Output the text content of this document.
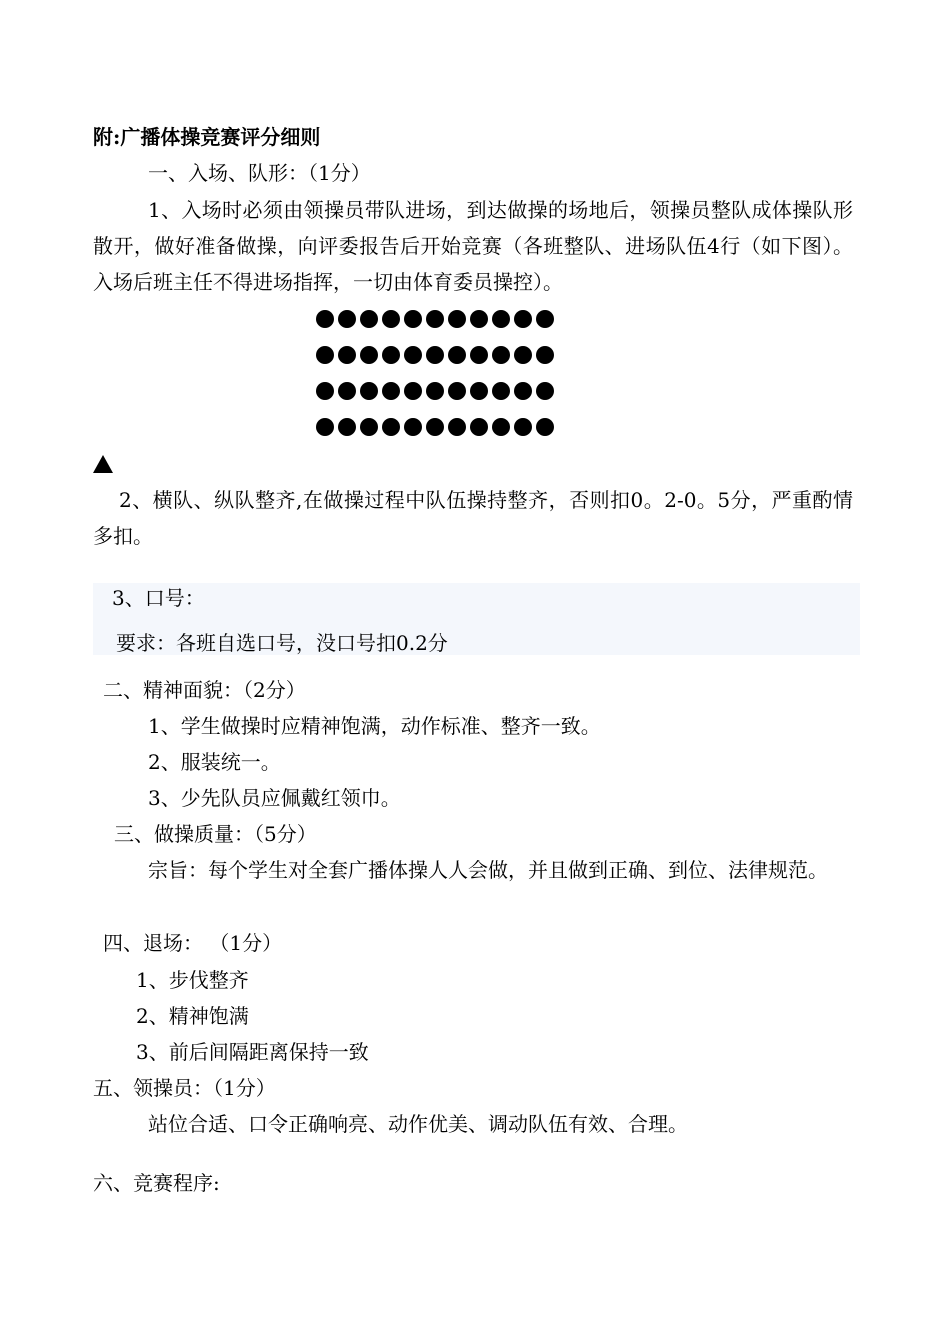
附:广播体操竞赛评分细则
一、入场、队形：（1分）
1、入场时必须由领操员带队进场，到达做操的场地后，领操员整队成体操队形散开，做好准备做操，向评委报告后开始竞赛（各班整队、进场队伍4行（如下图）。入场后班主任不得进场指挥，一切由体育委员操控）。
2、横队、纵队整齐,在做操过程中队伍操持整齐，否则扣0。2-0。5分，严重酌情多扣。
3、口号：
要求：各班自选口号，没口号扣0.2分
二、精神面貌：（2分）
1、学生做操时应精神饱满，动作标准、整齐一致。
2、服装统一。
3、少先队员应佩戴红领巾。
三、做操质量：（5分）
宗旨：每个学生对全套广播体操人人会做，并且做到正确、到位、法律规范。
四、退场： （1分）
1、步伐整齐
2、精神饱满
3、前后间隔距离保持一致
五、领操员：（1分）
站位合适、口令正确响亮、动作优美、调动队伍有效、合理。
六、竞赛程序:
